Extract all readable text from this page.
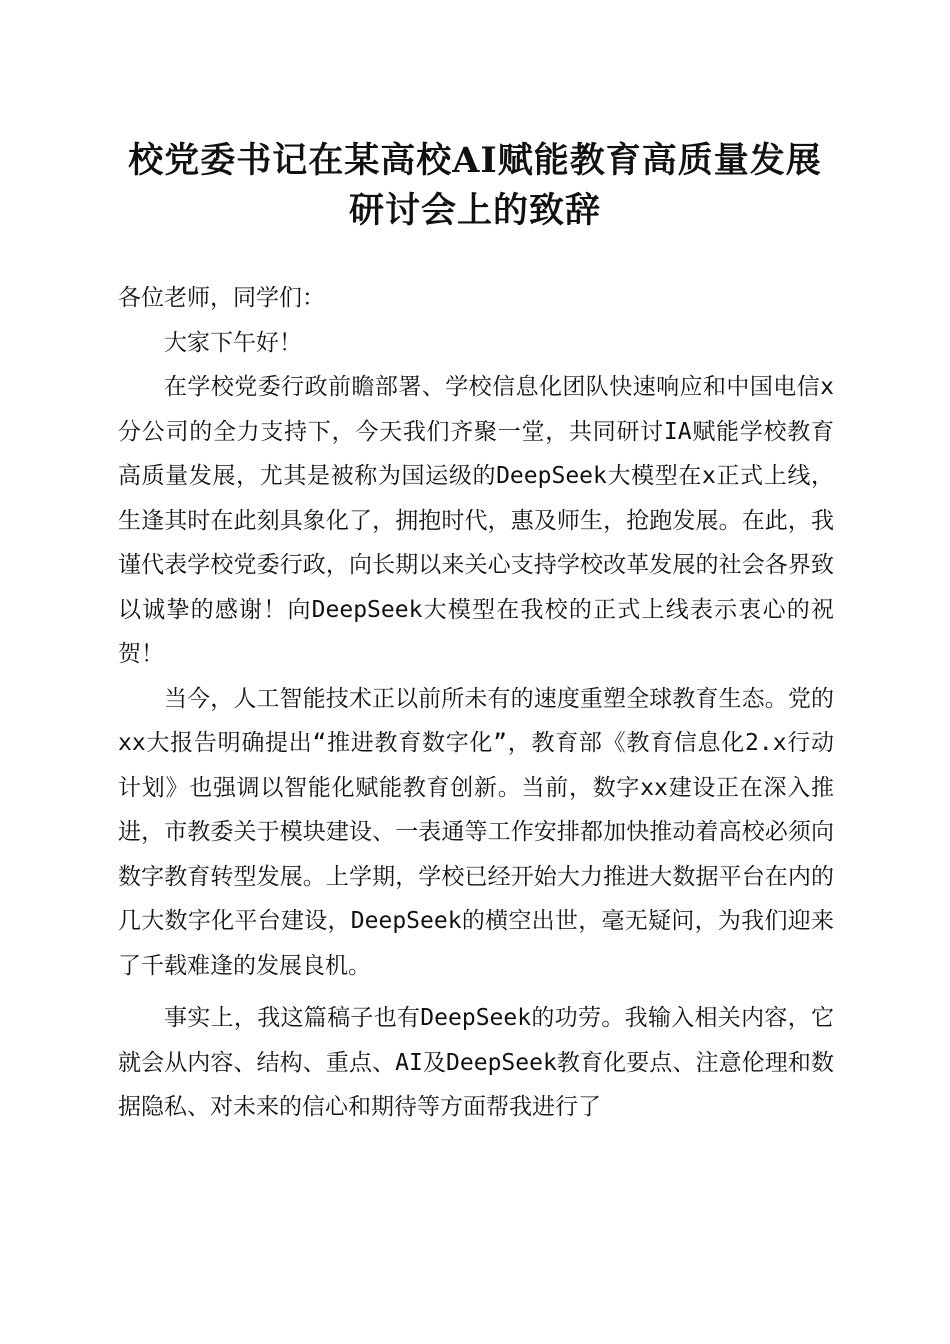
校党委书记在某高校AI赋能教育高质量发展
研讨会上的致辞

各位老师，同学们：

大家下午好！

在学校党委行政前瞻部署、学校信息化团队快速响应和中国电信x分公司的全力支持下，今天我们齐聚一堂，共同研讨IA赋能学校教育高质量发展，尤其是被称为国运级的DeepSeek大模型在x正式上线，生逢其时在此刻具象化了，拥抱时代，惠及师生，抢跑发展。在此，我谨代表学校党委行政，向长期以来关心支持学校改革发展的社会各界致以诚挚的感谢！向DeepSeek大模型在我校的正式上线表示衷心的祝贺！

当今，人工智能技术正以前所未有的速度重塑全球教育生态。党的xx大报告明确提出“推进教育数字化”，教育部《教育信息化2.x行动计划》也强调以智能化赋能教育创新。当前，数字xx建设正在深入推进，市教委关于模块建设、一表通等工作安排都加快推动着高校必须向数字教育转型发展。上学期，学校已经开始大力推进大数据平台在内的几大数字化平台建设，DeepSeek的横空出世，毫无疑问，为我们迎来了千载难逢的发展良机。

事实上，我这篇稿子也有DeepSeek的功劳。我输入相关内容，它就会从内容、结构、重点、AI及DeepSeek教育化要点、注意伦理和数据隐私、对未来的信心和期待等方面帮我进行了
